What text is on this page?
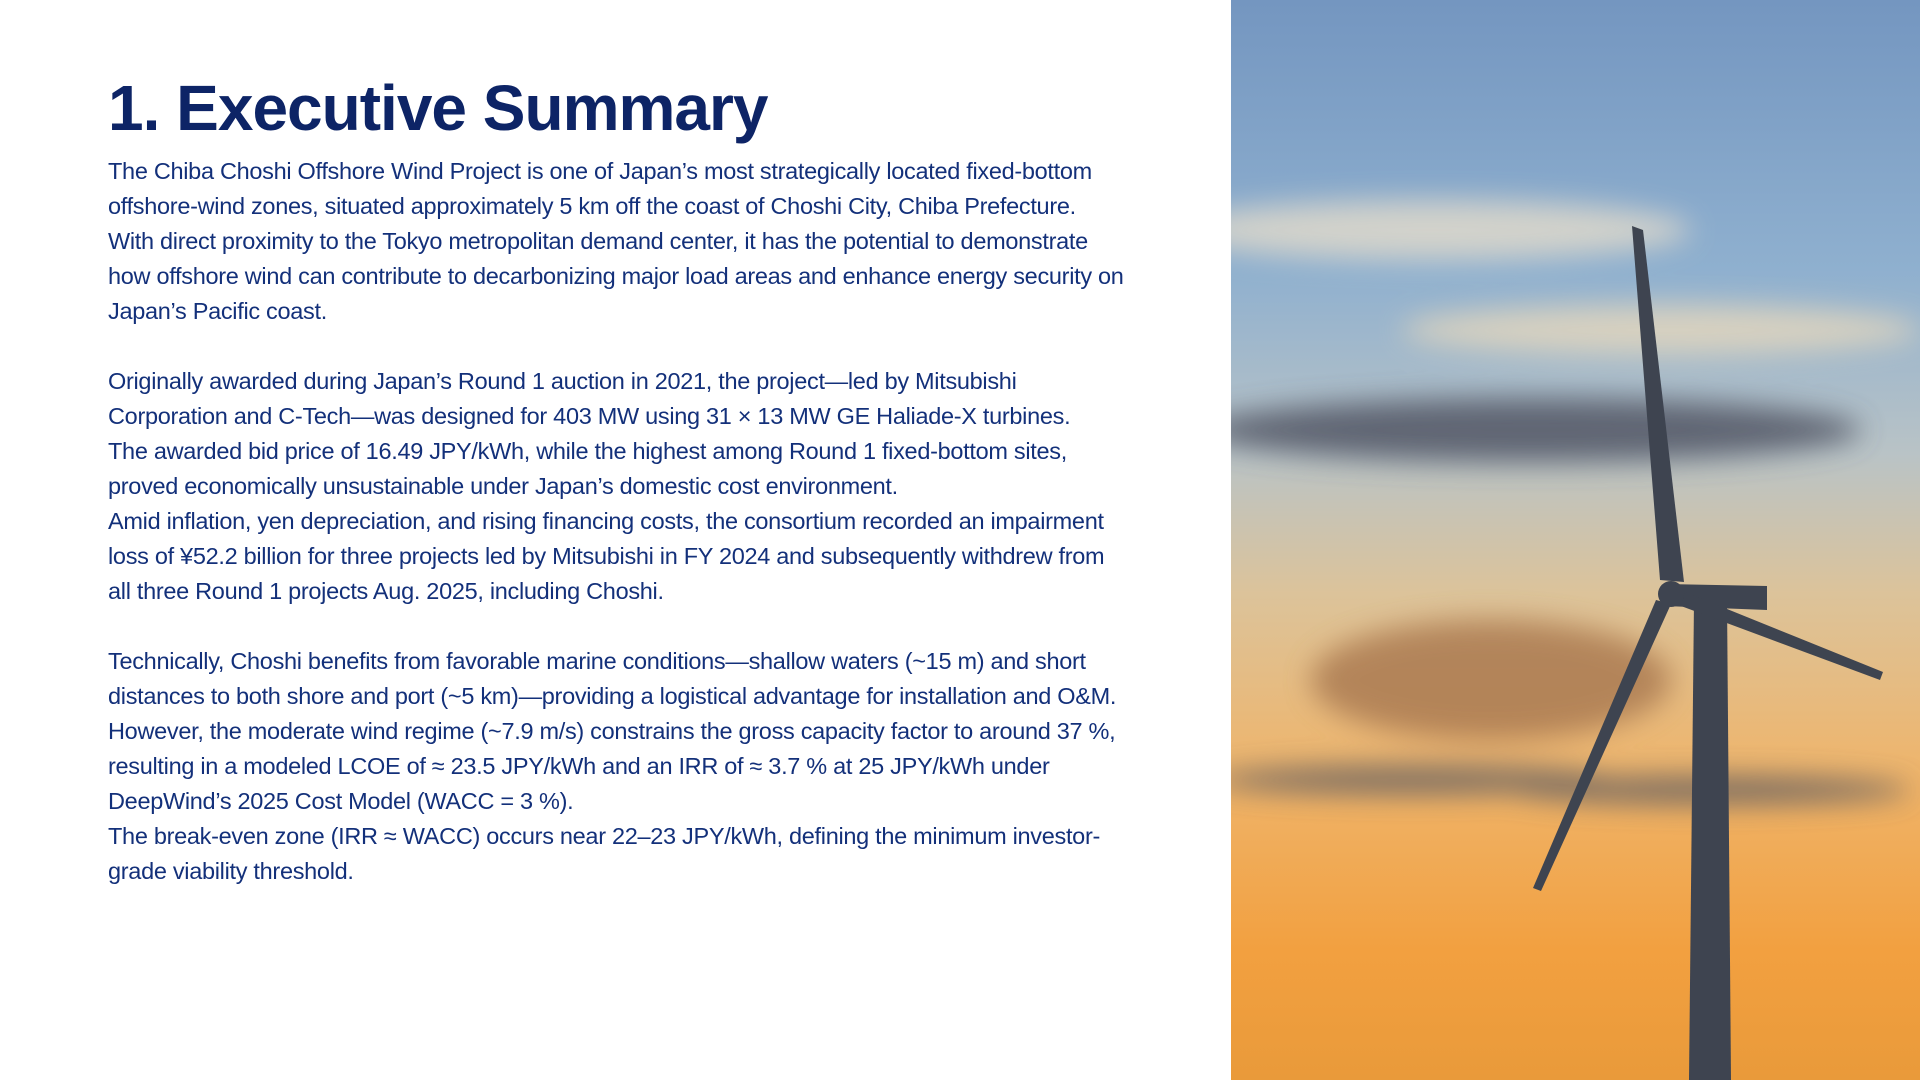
1. Executive Summary

The Chiba Choshi Offshore Wind Project is one of Japan’s most strategically located fixed-bottom offshore-wind zones, situated approximately 5 km off the coast of Choshi City, Chiba Prefecture.

With direct proximity to the Tokyo metropolitan demand center, it has the potential to demonstrate how offshore wind can contribute to decarbonizing major load areas and enhance energy security on Japan’s Pacific coast.

Originally awarded during Japan’s Round 1 auction in 2021, the project—led by Mitsubishi Corporation and C-Tech—was designed for 403 MW using 31 × 13 MW GE Haliade-X turbines.

The awarded bid price of 16.49 JPY/kWh, while the highest among Round 1 fixed-bottom sites, proved economically unsustainable under Japan’s domestic cost environment.

Amid inflation, yen depreciation, and rising financing costs, the consortium recorded an impairment loss of ¥52.2 billion for three projects led by Mitsubishi in FY 2024 and subsequently withdrew from all three Round 1 projects Aug. 2025, including Choshi.

Technically, Choshi benefits from favorable marine conditions—shallow waters (~15 m) and short distances to both shore and port (~5 km)—providing a logistical advantage for installation and O&M.

However, the moderate wind regime (~7.9 m/s) constrains the gross capacity factor to around 37 %, resulting in a modeled LCOE of ≈ 23.5 JPY/kWh and an IRR of ≈ 3.7 % at 25 JPY/kWh under DeepWind’s 2025 Cost Model (WACC = 3 %).

The break-even zone (IRR ≈ WACC) occurs near 22–23 JPY/kWh, defining the minimum investor-grade viability threshold.
